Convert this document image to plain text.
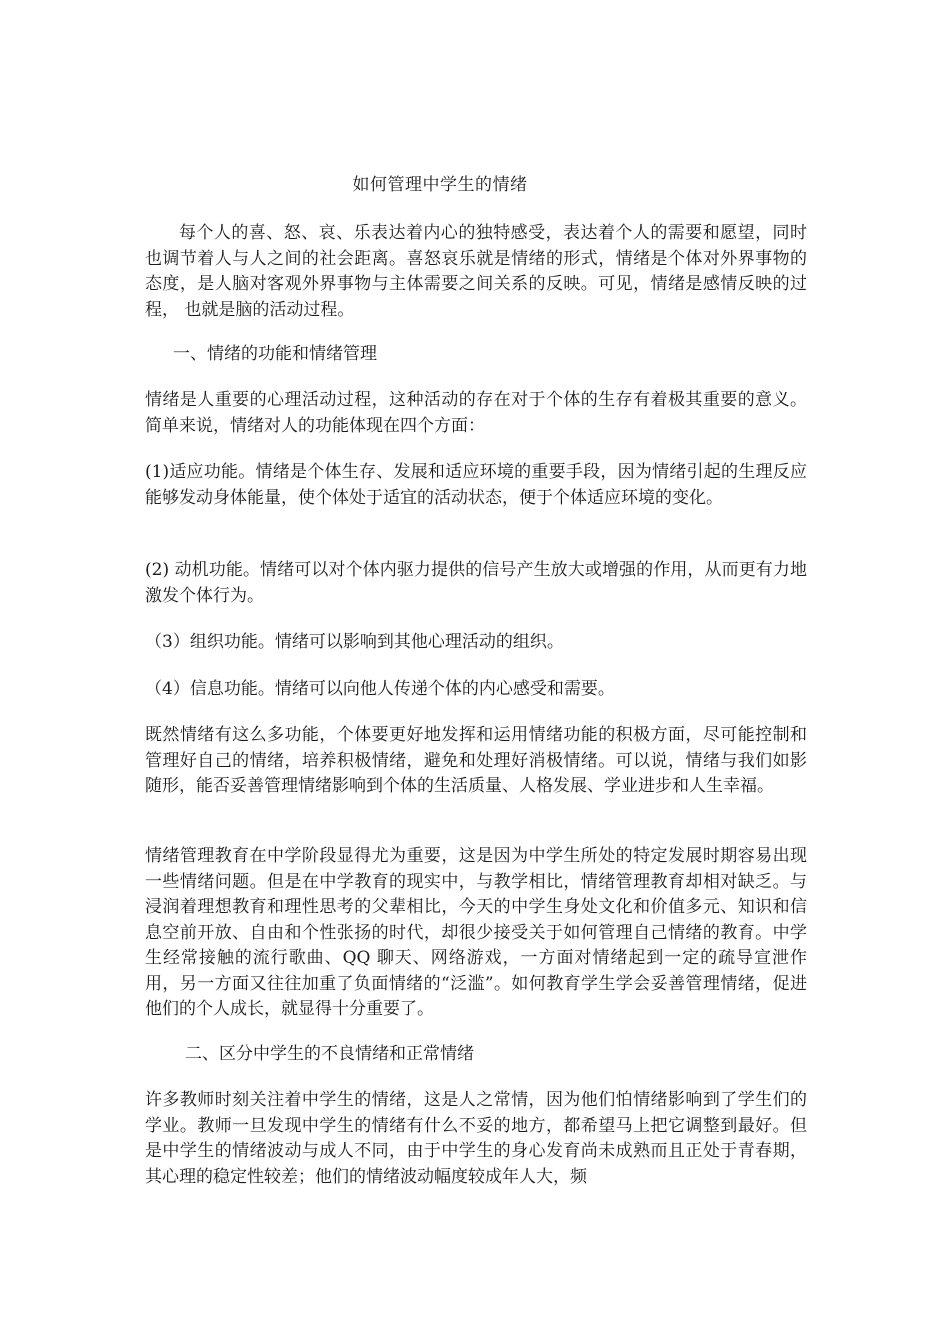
如何管理中学生的情绪

每个人的喜、怒、哀、乐表达着内心的独特感受，表达着个人的需要和愿望，同时也调节着人与人之间的社会距离。喜怒哀乐就是情绪的形式，情绪是个体对外界事物的态度，是人脑对客观外界事物与主体需要之间关系的反映。可见，情绪是感情反映的过程， 也就是脑的活动过程。

一、情绪的功能和情绪管理

情绪是人重要的心理活动过程，这种活动的存在对于个体的生存有着极其重要的意义。简单来说，情绪对人的功能体现在四个方面：

(1)适应功能。情绪是个体生存、发展和适应环境的重要手段，因为情绪引起的生理反应能够发动身体能量，使个体处于适宜的活动状态，便于个体适应环境的变化。

(2) 动机功能。情绪可以对个体内驱力提供的信号产生放大或增强的作用，从而更有力地激发个体行为。

（3）组织功能。情绪可以影响到其他心理活动的组织。

（4）信息功能。情绪可以向他人传递个体的内心感受和需要。

既然情绪有这么多功能，个体要更好地发挥和运用情绪功能的积极方面，尽可能控制和管理好自己的情绪，培养积极情绪，避免和处理好消极情绪。可以说，情绪与我们如影随形，能否妥善管理情绪影响到个体的生活质量、人格发展、学业进步和人生幸福。

情绪管理教育在中学阶段显得尤为重要，这是因为中学生所处的特定发展时期容易出现一些情绪问题。但是在中学教育的现实中，与教学相比，情绪管理教育却相对缺乏。与浸润着理想教育和理性思考的父辈相比，今天的中学生身处文化和价值多元、知识和信息空前开放、自由和个性张扬的时代，却很少接受关于如何管理自己情绪的教育。中学生经常接触的流行歌曲、QQ 聊天、网络游戏，一方面对情绪起到一定的疏导宣泄作用，另一方面又往往加重了负面情绪的“泛滥”。如何教育学生学会妥善管理情绪，促进他们的个人成长，就显得十分重要了。

二、区分中学生的不良情绪和正常情绪

许多教师时刻关注着中学生的情绪，这是人之常情，因为他们怕情绪影响到了学生们的学业。教师一旦发现中学生的情绪有什么不妥的地方，都希望马上把它调整到最好。但是中学生的情绪波动与成人不同，由于中学生的身心发育尚未成熟而且正处于青春期，其心理的稳定性较差；他们的情绪波动幅度较成年人大，频
